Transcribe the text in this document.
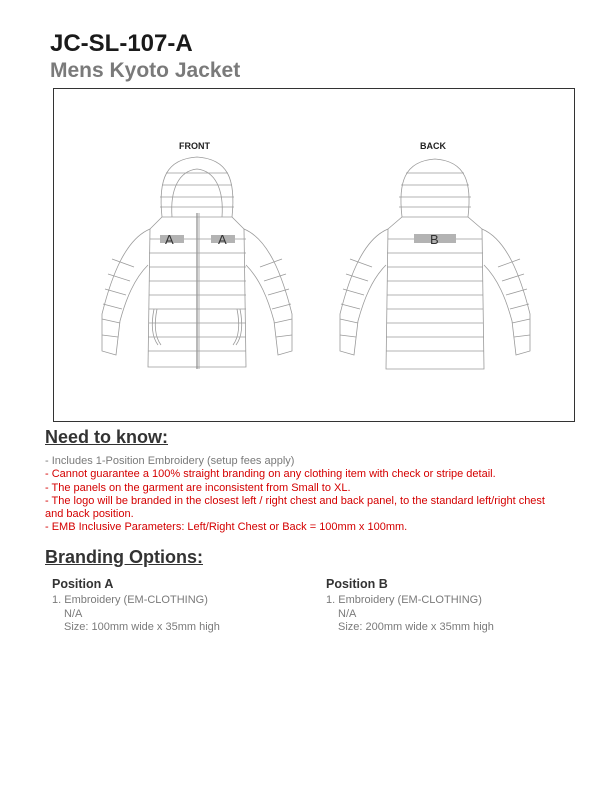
JC-SL-107-A
Mens Kyoto Jacket
FRONT	BACK
A	A	B
Need to know:
- Includes 1-Position Embroidery (setup fees apply)
- Cannot guarantee a 100% straight branding on any clothing item with check or stripe detail.
- The panels on the garment are inconsistent from Small to XL.
- The logo will be branded in the closest left / right chest and back panel, to the standard left/right chest and back position.
- EMB Inclusive Parameters: Left/Right Chest or Back = 100mm x 100mm.
Branding Options:
Position A
1. Embroidery (EM-CLOTHING)
N/A
Size: 100mm wide x 35mm high
Position B
1. Embroidery (EM-CLOTHING)
N/A
Size: 200mm wide x 35mm high
